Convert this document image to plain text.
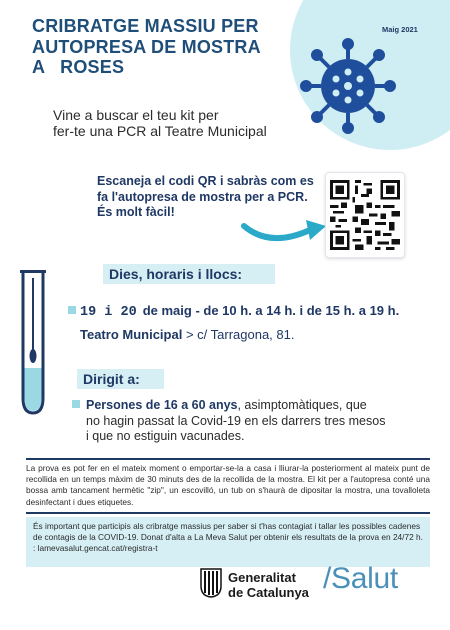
Maig 2021
CRIBRATGE MASSIU PER
AUTOPRESA DE MOSTRA
A   ROSES
Vine a buscar el teu kit per
fer-te una PCR al Teatre Municipal
Escaneja el codi QR i sabràs com es
fa l'autopresa de mostra per a PCR.
És molt fàcil!
Dies, horaris i llocs:
19 i 20 de maig - de 10 h. a 14 h. i de 15 h. a 19 h.
Teatro Municipal > c/ Tarragona, 81.
Dirigit a:
Persones de 16 a 60 anys, asimptomàtiques, que
no hagin passat la Covid-19 en els darrers tres mesos
i que no estiguin vacunades.
La prova es pot fer en el mateix moment o emportar-se-la a casa i lliurar-la posteriorment al mateix punt de recollida en un temps màxim de 30 minuts des de la recollida de la mostra. El kit per a l'autopresa conté una bossa amb tancament hermètic "zip", un escovilló, un tub on s'haurà de dipositar la mostra, una tovalloleta desinfectant i dues etiquetes.
És important que participis als cribratge massius per saber si t'has contagiat i tallar les possibles cadenes de contagis de la COVID-19. Donat d'alta a La Meva Salut per obtenir els resultats de la prova en 24/72 h. : lamevasalut.gencat.cat/registra-t
Generalitat
de Catalunya /Salut
